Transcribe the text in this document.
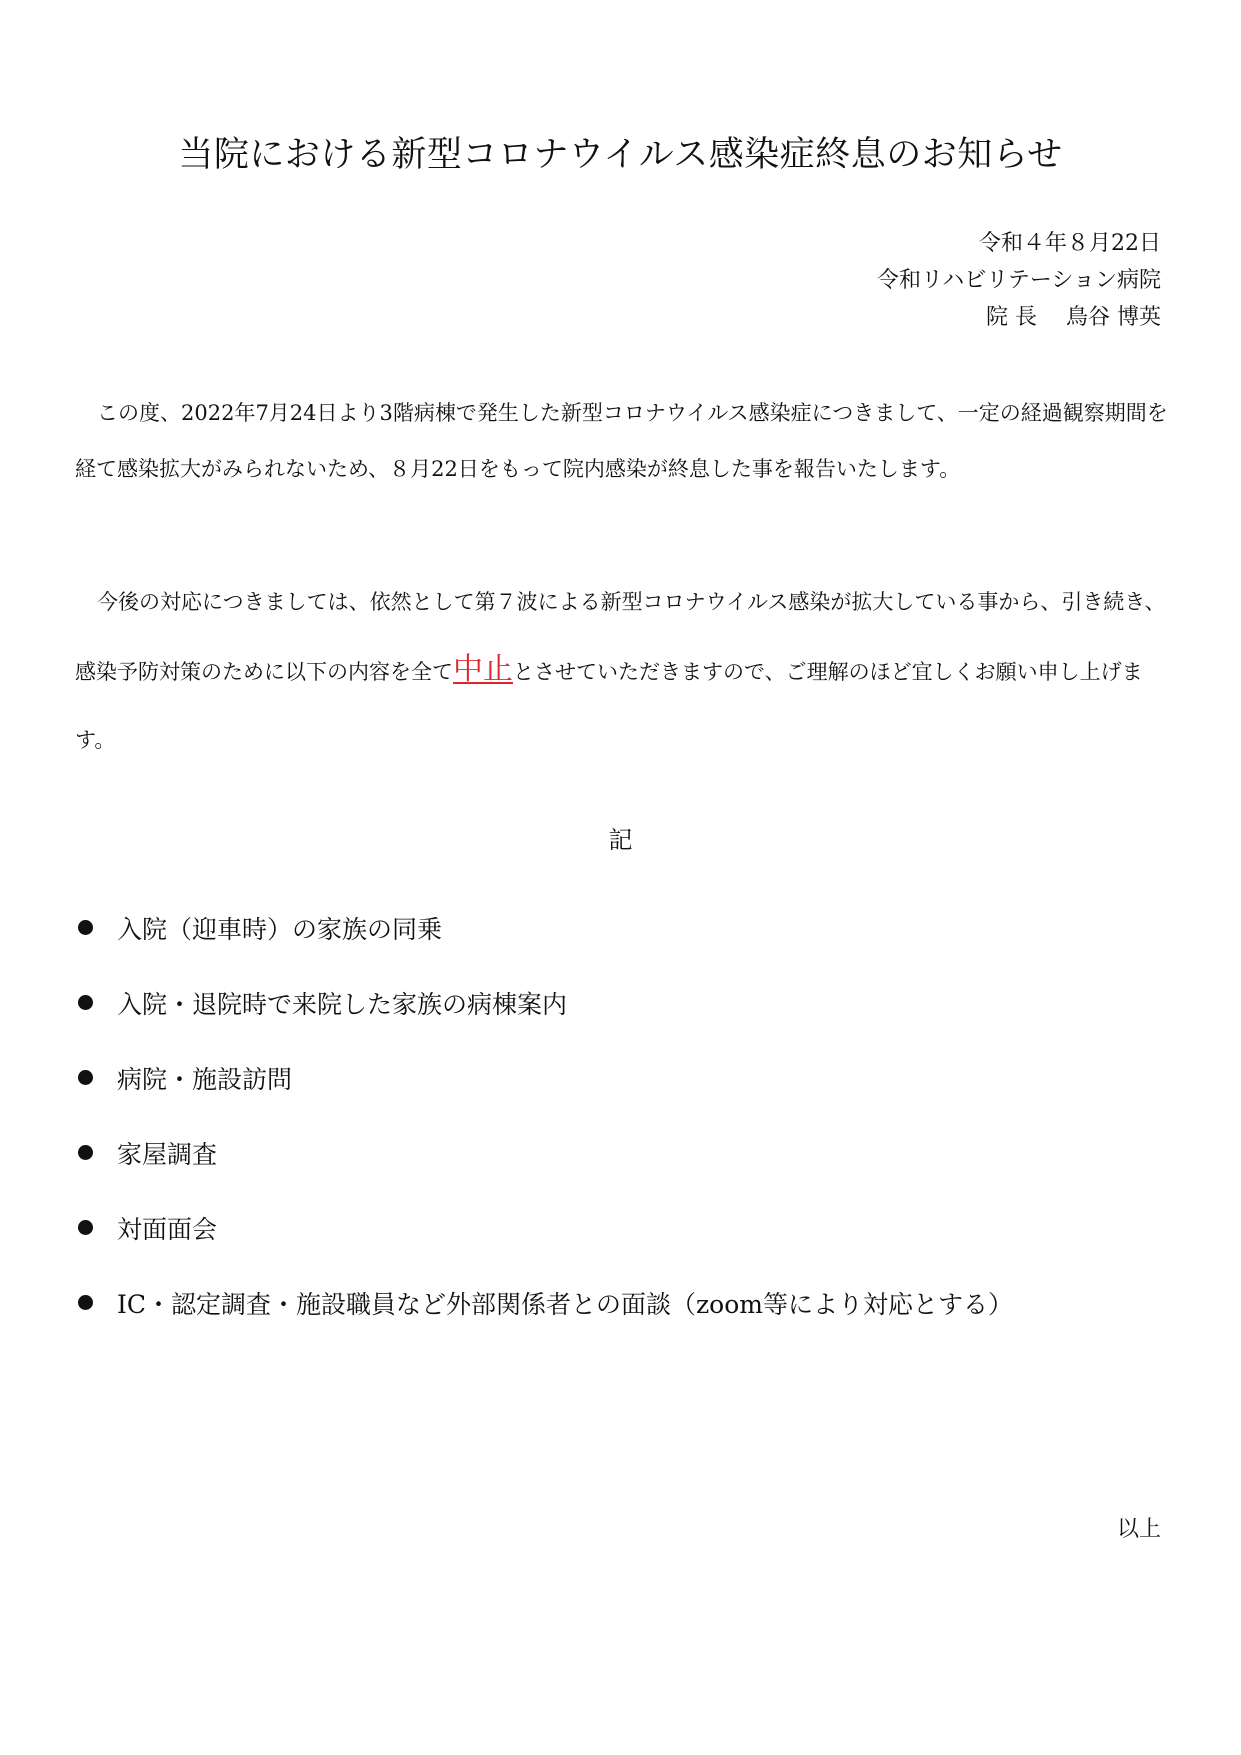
当院における新型コロナウイルス感染症終息のお知らせ
令和４年８月22日
令和リハビリテーション病院
院 長　 鳥谷 博英

この度、2022年7月24日より3階病棟で発生した新型コロナウイルス感染症につきまして、一定の経過観察期間を経て感染拡大がみられないため、８月22日をもって院内感染が終息した事を報告いたします。

今後の対応につきましては、依然として第７波による新型コロナウイルス感染が拡大している事から、引き続き、感染予防対策のために以下の内容を全て中止とさせていただきますので、ご理解のほど宜しくお願い申し上げます。

記
入院（迎車時）の家族の同乗
入院・退院時で来院した家族の病棟案内
病院・施設訪問
家屋調査
対面面会
IC・認定調査・施設職員など外部関係者との面談（zoom等により対応とする）
以上
